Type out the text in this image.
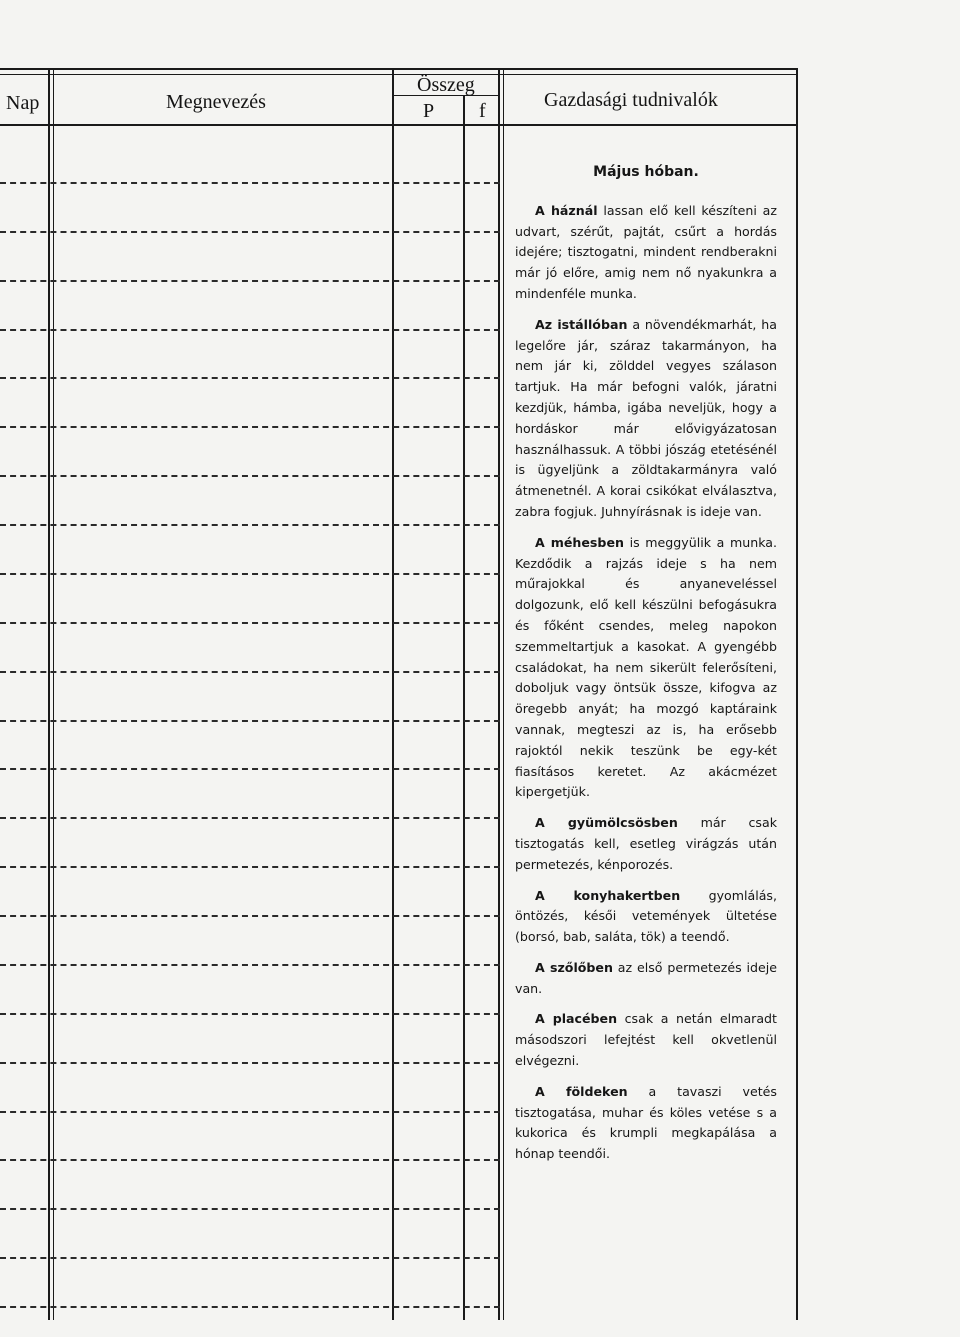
Nap	Megnevezés
Összeg
P f	Gazdasági tudnivalók
Május hóban.

A háznál lassan elő kell készíteni az udvart, szérűt, pajtát, csűrt a hordás idejére; tisztogatni, mindent rendberakni már jó előre, amig nem nő nyakunkra a mindenféle munka.

Az istállóban a növendékmarhát, ha legelőre jár, száraz takarmányon, ha nem jár ki, zölddel vegyes szálason tartjuk. Ha már befogni valók, járatni kezdjük, hámba, igába neveljük, hogy a hordáskor már elővigyázatosan használhassuk. A többi jószág etetésénél is ügyeljünk a zöldtakarmányra való átmenetnél. A korai csikókat elválasztva, zabra fogjuk. Juhnyírásnak is ideje van.

A méhesben is meggyülik a munka. Kezdődik a rajzás ideje s ha nem műrajokkal és anyaneveléssel dolgozunk, elő kell készülni befogásukra és főként csendes, meleg napokon szemmeltartjuk a kasokat. A gyengébb családokat, ha nem sikerült felerősíteni, doboljuk vagy öntsük össze, kifogva az öregebb anyát; ha mozgó kaptáraink vannak, megteszi az is, ha erősebb rajoktól nekik teszünk be egy-két fiasításos keretet. Az akácmézet kipergetjük.

A gyümölcsösben már csak tisztogatás kell, esetleg virágzás után permetezés, kénporozés.

A konyhakertben gyomlálás, öntözés, késői vetemények ültetése (borsó, bab, saláta, tök) a teendő.

A szőlőben az első permetezés ideje van.

A placében csak a netán elmaradt másodszori lefejtést kell okvetlenül elvégezni.

A földeken a tavaszi vetés tisztogatása, muhar és köles vetése s a kukorica és krumpli megkapálása a hónap teendői.
